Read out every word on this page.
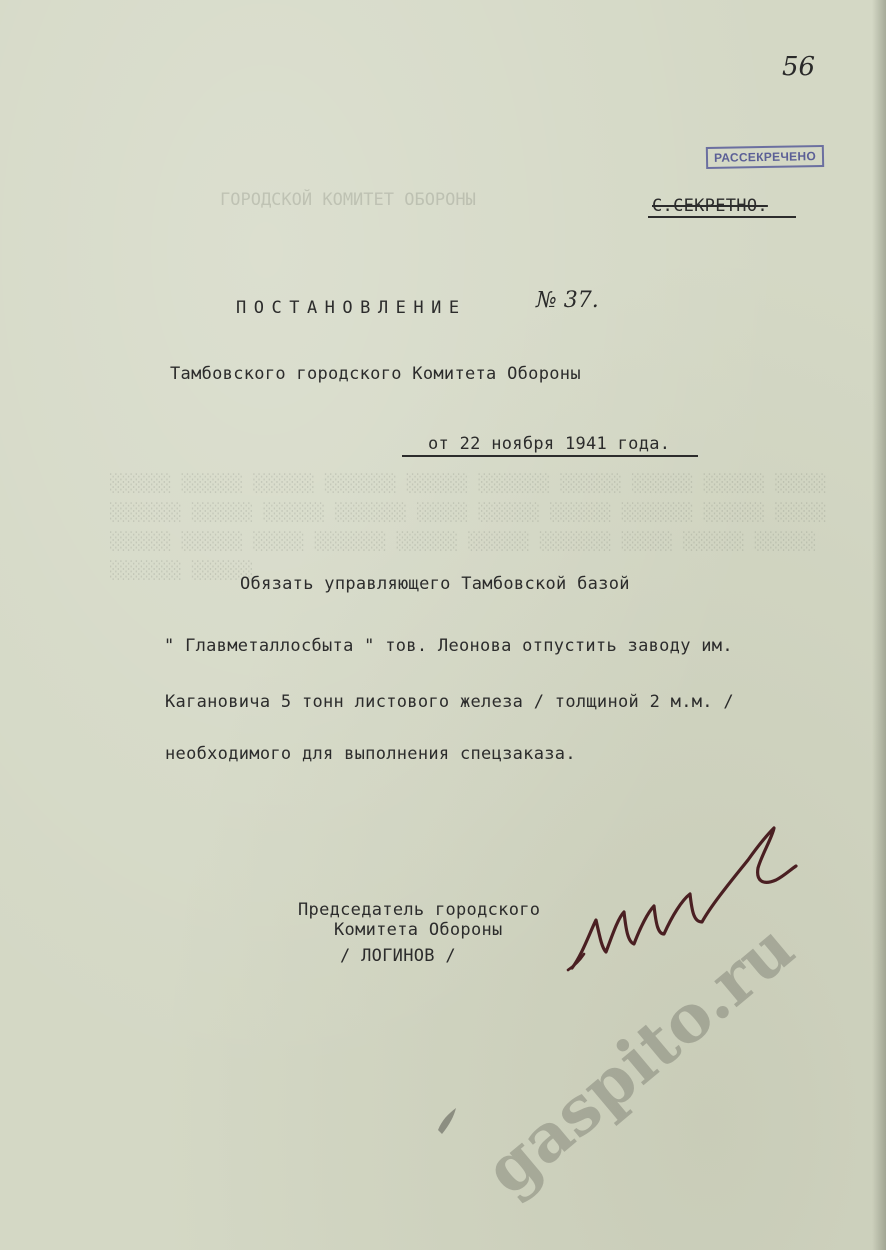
ГОРОДСКОЙ КОМИТЕТ ОБОРОНЫ
░░░░░░ ░░░░░░ ░░░░░░ ░░░░░░░ ░░░░░░ ░░░░░░░ ░░░░░░ ░░░░░░ ░░░░░░ ░░░░░ ░░░░░░░ ░░░░░░ ░░░░░░ ░░░░░░░ ░░░░░ ░░░░░░ ░░░░░░ ░░░░░░░ ░░░░░░ ░░░░░ ░░░░░░ ░░░░░░ ░░░░░ ░░░░░░░ ░░░░░░ ░░░░░░ ░░░░░░░ ░░░░░ ░░░░░░ ░░░░░░ ░░░░░░░ ░░░░░░
56
РАССЕКРЕЧЕНО
С.СЕКРЕТНО.
ПОСТАНОВЛЕНИЕ	№ 37.
Тамбовского городского Комитета Обороны
от 22 ноября 1941 года.
Обязать управляющего Тамбовской базой
" Главметаллосбыта " тов. Леонова отпустить заводу им.
Кагановича 5 тонн листового железа / толщиной 2 м.м. /
необходимого для выполнения спецзаказа.
Председатель городского
Комитета Обороны
/ ЛОГИНОВ / gaspito.ru
